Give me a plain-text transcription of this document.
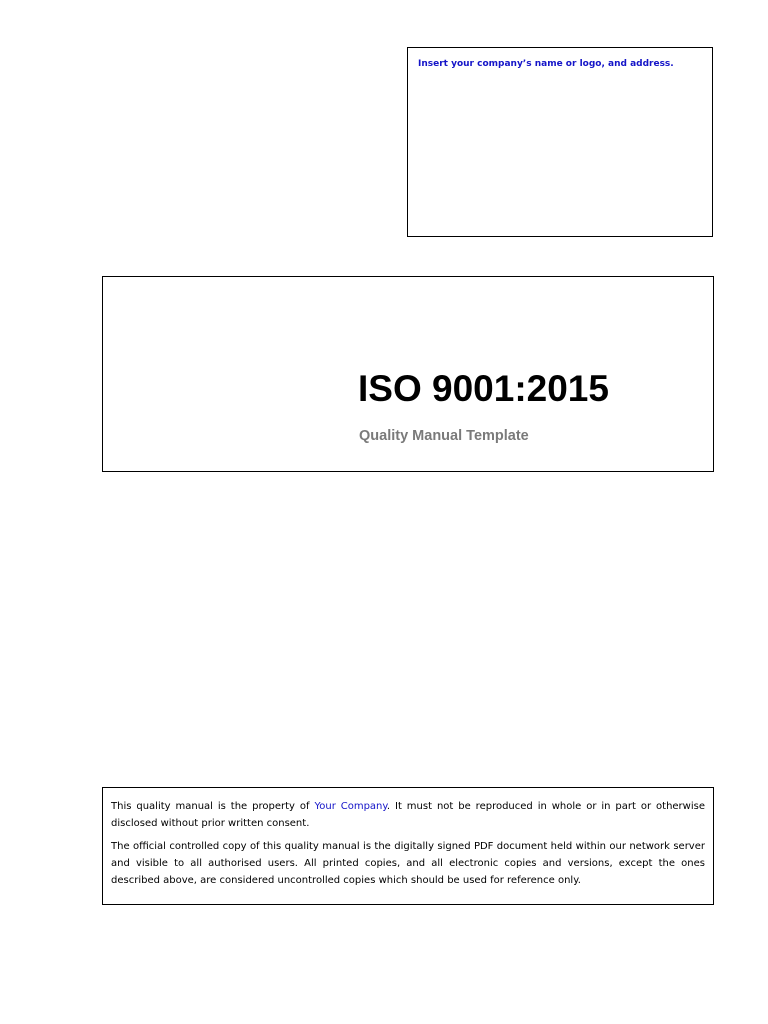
Insert your company’s name or logo, and address.
ISO 9001:2015
Quality Manual Template

This quality manual is the property of Your Company. It must not be reproduced in whole or in part or otherwise disclosed without prior written consent.

The official controlled copy of this quality manual is the digitally signed PDF document held within our network server and visible to all authorised users. All printed copies, and all electronic copies and versions, except the ones described above, are considered uncontrolled copies which should be used for reference only.
